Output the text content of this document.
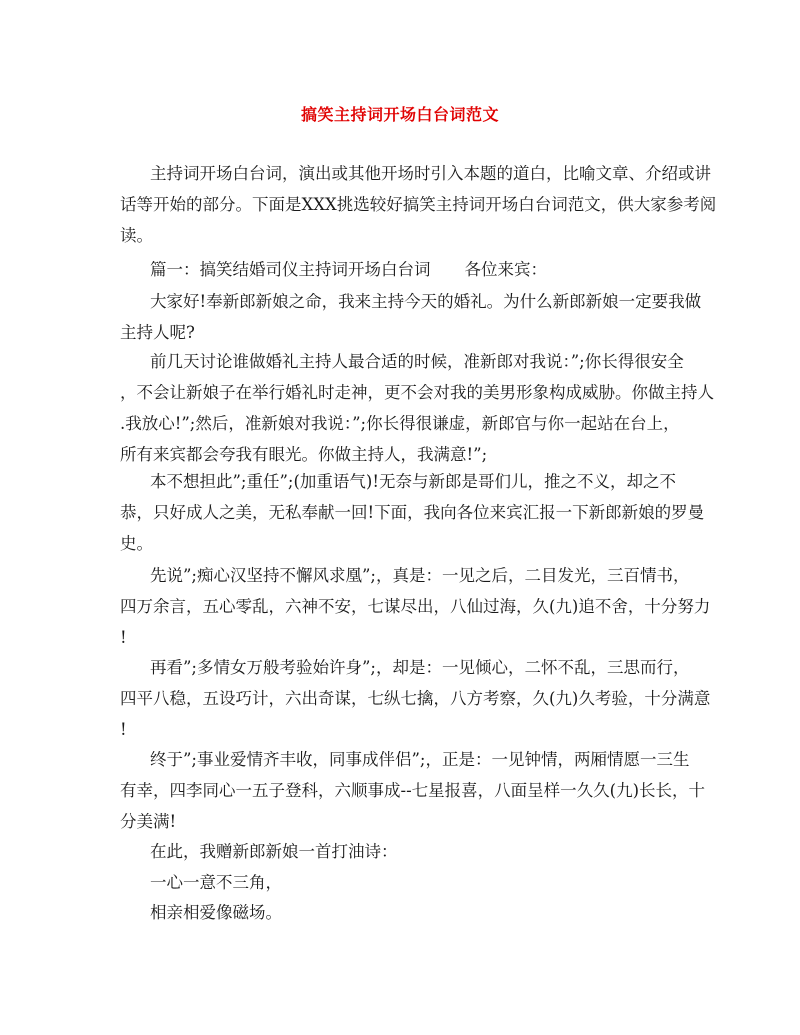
搞笑主持词开场白台词范文
主持词开场白台词，演出或其他开场时引入本题的道白，比喻文章、介绍或讲
话等开始的部分。下面是XXX挑选较好搞笑主持词开场白台词范文，供大家参考阅
读。
篇一：搞笑结婚司仪主持词开场白台词 各位来宾：
大家好!奉新郎新娘之命，我来主持今天的婚礼。为什么新郎新娘一定要我做
主持人呢?
前几天讨论谁做婚礼主持人最合适的时候，准新郎对我说：”;你长得很安全
，不会让新娘子在举行婚礼时走神，更不会对我的美男形象构成威胁。你做主持人
.我放心!”;然后，准新娘对我说：”;你长得很谦虚，新郎官与你一起站在台上，
所有来宾都会夸我有眼光。你做主持人，我满意!”;
本不想担此”;重任”;(加重语气)!无奈与新郎是哥们儿，推之不义，却之不
恭，只好成人之美，无私奉献一回!下面，我向各位来宾汇报一下新郎新娘的罗曼
史。
先说”;痴心汉坚持不懈风求凰”;，真是：一见之后，二目发光，三百情书，
四万余言，五心零乱，六神不安，七谋尽出，八仙过海，久(九)追不舍，十分努力
!
再看”;多情女万般考验始许身”;，却是：一见倾心，二怀不乱，三思而行，
四平八稳，五设巧计，六出奇谋，七纵七擒，八方考察，久(九)久考验，十分满意
!
终于”;事业爱情齐丰收，同事成伴侣”;，正是：一见钟情，两厢情愿一三生
有幸，四李同心一五子登科，六顺事成--七星报喜，八面呈样一久久(九)长长，十
分美满!
在此，我赠新郎新娘一首打油诗：
一心一意不三角，
相亲相爱像磁场。
